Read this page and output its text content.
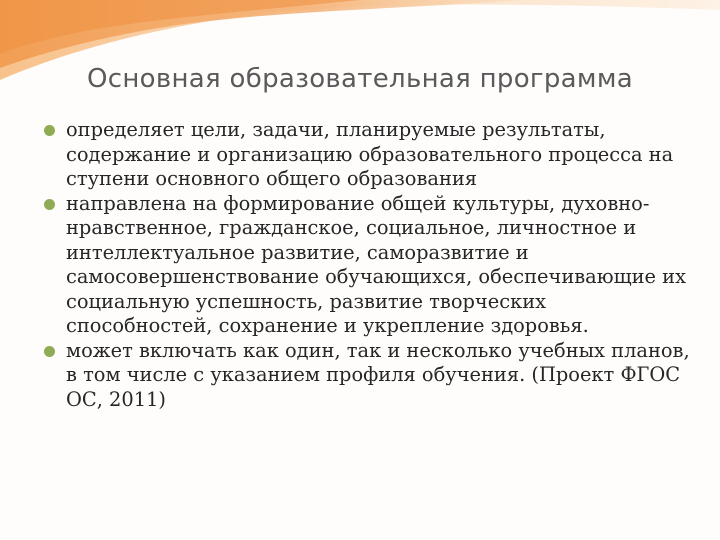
Основная образовательная программа
определяет цели, задачи, планируемые результаты, содержание и организацию образовательного процесса на ступени основного общего образования
направлена на формирование общей культуры, духовно-нравственное, гражданское, социальное, личностное и интеллектуальное развитие, саморазвитие и самосовершенствование обучающихся, обеспечивающие их социальную успешность, развитие творческих способностей, сохранение и укрепление здоровья.
может включать как один, так и несколько учебных планов, в том числе с указанием профиля обучения. (Проект ФГОС ОС, 2011)
